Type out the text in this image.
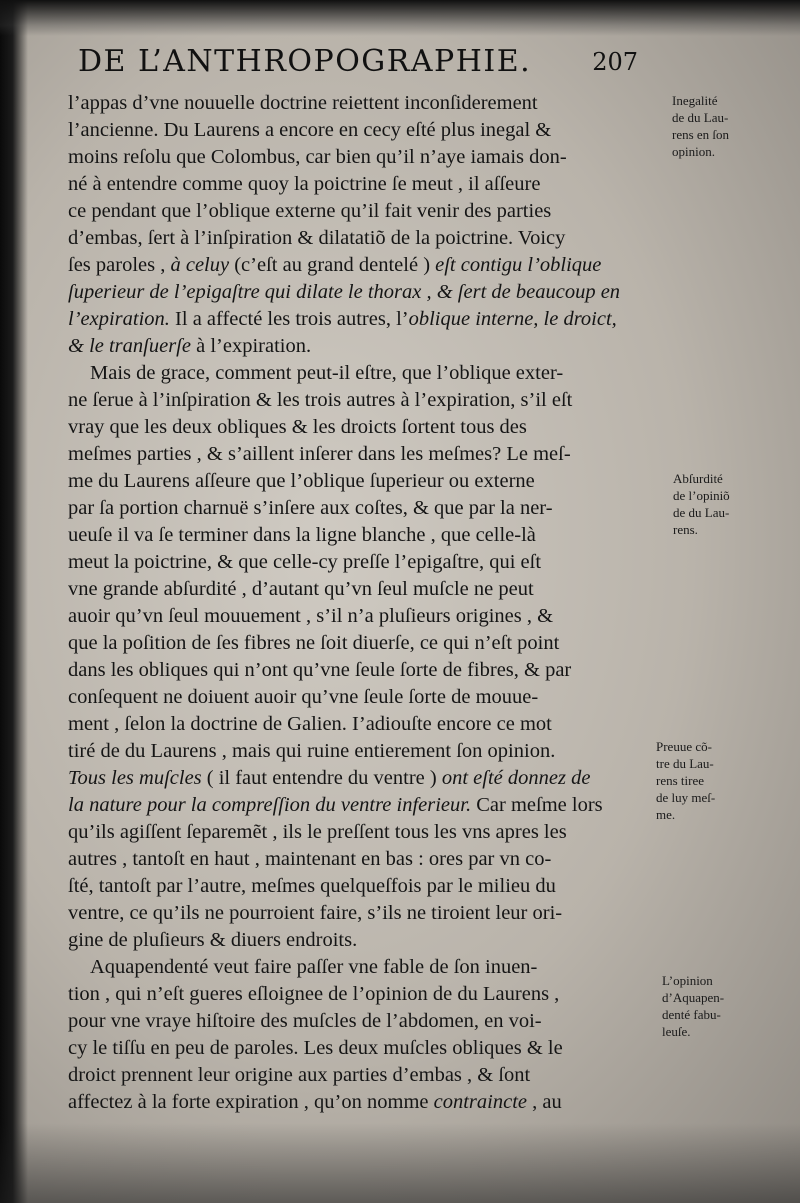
DE L’ANTHROPOGRAPHIE.	207
l’appas d’vne nouuelle doctrine reiettent inconſiderement
l’ancienne. Du Laurens a encore en cecy eſté plus inegal &
moins reſolu que Colombus, car bien qu’il n’aye iamais don-
né à entendre comme quoy la poictrine ſe meut , il aſſeure
ce pendant que l’oblique externe qu’il fait venir des parties
d’embas, ſert à l’inſpiration & dilatatiõ de la poictrine. Voicy
ſes paroles , à celuy (c’eſt au grand dentelé ) eſt contigu l’oblique
ſuperieur de l’epigaſtre qui dilate le thorax , & ſert de beaucoup en
l’expiration. Il a affecté les trois autres, l’oblique interne, le droict,
& le tranſuerſe à l’expiration.
Mais de grace, comment peut-il eſtre, que l’oblique exter-
ne ſerue à l’inſpiration & les trois autres à l’expiration, s’il eſt
vray que les deux obliques & les droicts ſortent tous des
meſmes parties , & s’aillent inſerer dans les meſmes? Le meſ-
me du Laurens aſſeure que l’oblique ſuperieur ou externe
par ſa portion charnuë s’inſere aux coſtes, & que par la ner-
ueuſe il va ſe terminer dans la ligne blanche , que celle-là
meut la poictrine, & que celle-cy preſſe l’epigaſtre, qui eſt
vne grande abſurdité , d’autant qu’vn ſeul muſcle ne peut
auoir qu’vn ſeul mouuement , s’il n’a pluſieurs origines , &
que la poſition de ſes fibres ne ſoit diuerſe, ce qui n’eſt point
dans les obliques qui n’ont qu’vne ſeule ſorte de fibres, & par
conſequent ne doiuent auoir qu’vne ſeule ſorte de mouue-
ment , ſelon la doctrine de Galien. I’adiouſte encore ce mot
tiré de du Laurens , mais qui ruine entierement ſon opinion.
Tous les muſcles ( il faut entendre du ventre ) ont eſté donnez de
la nature pour la compreſſion du ventre inferieur. Car meſme lors
qu’ils agiſſent ſeparemẽt , ils le preſſent tous les vns apres les
autres , tantoſt en haut , maintenant en bas : ores par vn co-
ſté, tantoſt par l’autre, meſmes quelqueſfois par le milieu du
ventre, ce qu’ils ne pourroient faire, s’ils ne tiroient leur ori-
gine de pluſieurs & diuers endroits.
Aquapendenté veut faire paſſer vne fable de ſon inuen-
tion , qui n’eſt gueres eſloignee de l’opinion de du Laurens ,
pour vne vraye hiſtoire des muſcles de l’abdomen, en voi-
cy le tiſſu en peu de paroles. Les deux muſcles obliques & le
droict prennent leur origine aux parties d’embas , & ſont
affectez à la forte expiration , qu’on nomme contraincte , au
Inegalité
de du Lau-
rens en ſon
opinion.
Abſurdité
de l’opiniõ
de du Lau-
rens.
Preuue cõ-
tre du Lau-
rens tiree
de luy meſ-
me.
L’opinion
d’Aquapen-
denté fabu-
leuſe.
